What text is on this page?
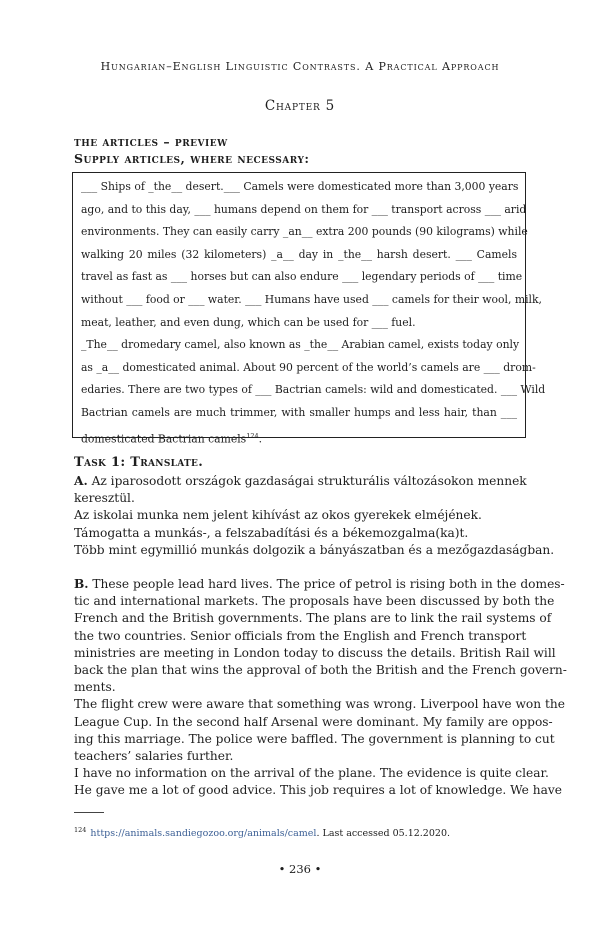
Hungarian–English Linguistic Contrasts. A Practical Approach
Chapter 5
the articles – preview
Supply articles, where necessary:

___ Ships of _the__ desert.___ Camels were domesticated more than 3,000 years

ago, and to this day, ___ humans depend on them for ___ transport across ___ arid

environments. They can easily carry _an__ extra 200 pounds (90 kilograms) while

walking 20 miles (32 kilometers) _a__ day in _the__ harsh desert. ___ Camels

travel as fast as ___ horses but can also endure ___ legendary periods of ___ time

without ___ food or ___ water. ___ Humans have used ___ camels for their wool, milk,

meat, leather, and even dung, which can be used for ___ fuel.

_The__ dromedary camel, also known as _the__ Arabian camel, exists today only

as _a__ domesticated animal. About 90 percent of the world’s camels are ___ drom-

edaries. There are two types of ___ Bactrian camels: wild and domesticated. ___ Wild

Bactrian camels are much trimmer, with smaller humps and less hair, than ___

domesticated Bactrian camels$^{124}$.

Task 1: Translate.

A. Az iparosodott országok gazdaságai strukturális változásokon mennek

keresztül.

Az iskolai munka nem jelent kihívást az okos gyerekek elméjének.

Támogatta a munkás-, a felszabadítási és a békemozgalma(ka)t.

Több mint egymillió munkás dolgozik a bányászatban és a mezőgazdaságban.

B. These people lead hard lives. The price of petrol is rising both in the domes-

tic and international markets. The proposals have been discussed by both the

French and the British governments. The plans are to link the rail systems of

the two countries. Senior officials from the English and French transport

ministries are meeting in London today to discuss the details. British Rail will

back the plan that wins the approval of both the British and the French govern-

ments.

The flight crew were aware that something was wrong. Liverpool have won the

League Cup. In the second half Arsenal were dominant. My family are oppos-

ing this marriage. The police were baffled. The government is planning to cut

teachers’ salaries further.

I have no information on the arrival of the plane. The evidence is quite clear.

He gave me a lot of good advice. This job requires a lot of knowledge. We have

$^{124}$ https://animals.sandiegozoo.org/animals/camel. Last accessed 05.12.2020.
• 236 •
